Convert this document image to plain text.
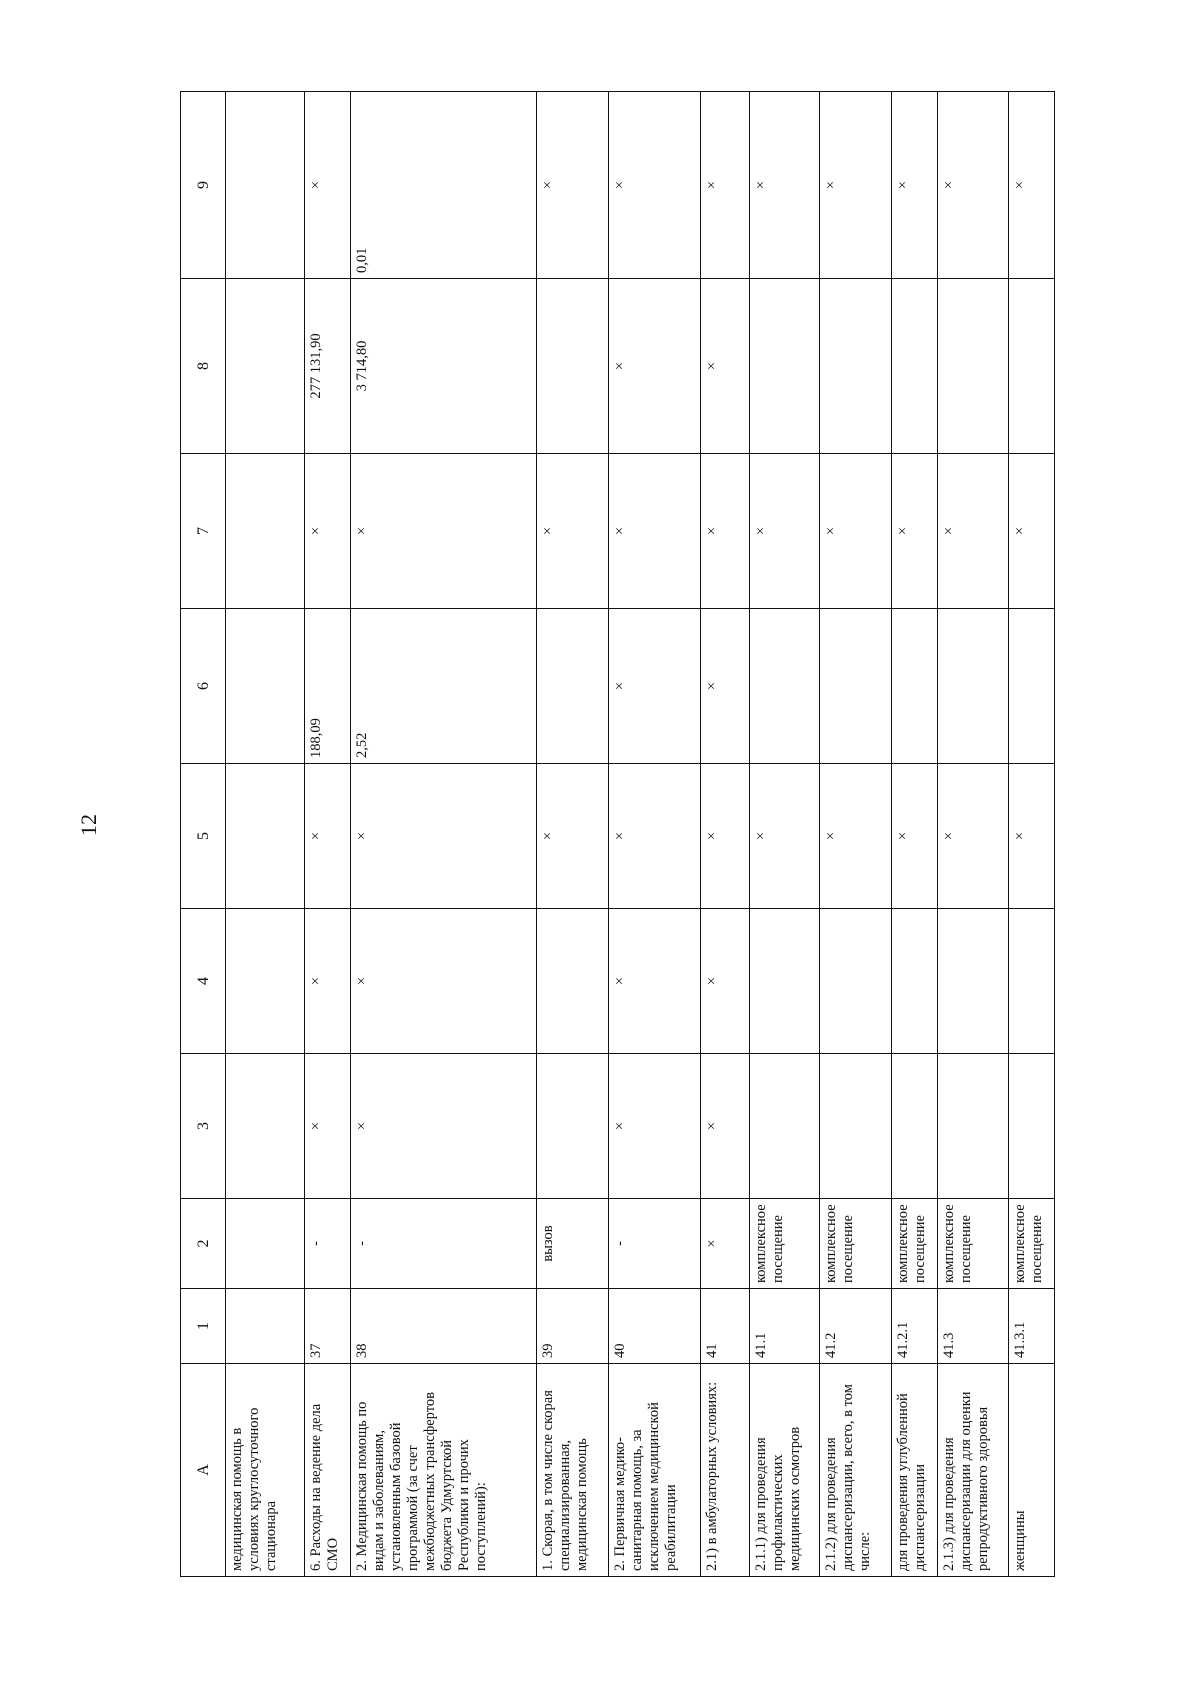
12
А	1	2	3	4	5	6	7	8	9
медицинская помощь в условиях круглосуточного стационара									
6. Расходы на ведение дела СМО	37	-	×	×	×	188,09	×	277 131,90	×
2. Медицинская помощь по видам и заболеваниям, установленным базовой программой (за счет межбюджетных трансфертов бюджета Удмуртской Республики и прочих поступлений):	38	-	×	×	×	2,52	×	3 714,80	0,01
1. Скорая, в том числе скорая специализированная, медицинская помощь	39	вызов			×		×		×
2. Первичная медико-санитарная помощь, за исключением медицинской реабилитации	40	-	×	×	×	×	×	×	×
2.1) в амбулаторных условиях:	41	×	×	×	×	×	×	×	×
2.1.1) для проведения профилактических медицинских осмотров	41.1	комплексное посещение			×		×		×
2.1.2) для проведения диспансеризации, всего, в том числе:	41.2	комплексное посещение			×		×		×
для проведения углубленной диспансеризации	41.2.1	комплексное посещение			×		×		×
2.1.3) для проведения диспансеризации для оценки репродуктивного здоровья	41.3	комплексное посещение			×		×		×
женщины	41.3.1	комплексное посещение			×		×		×
